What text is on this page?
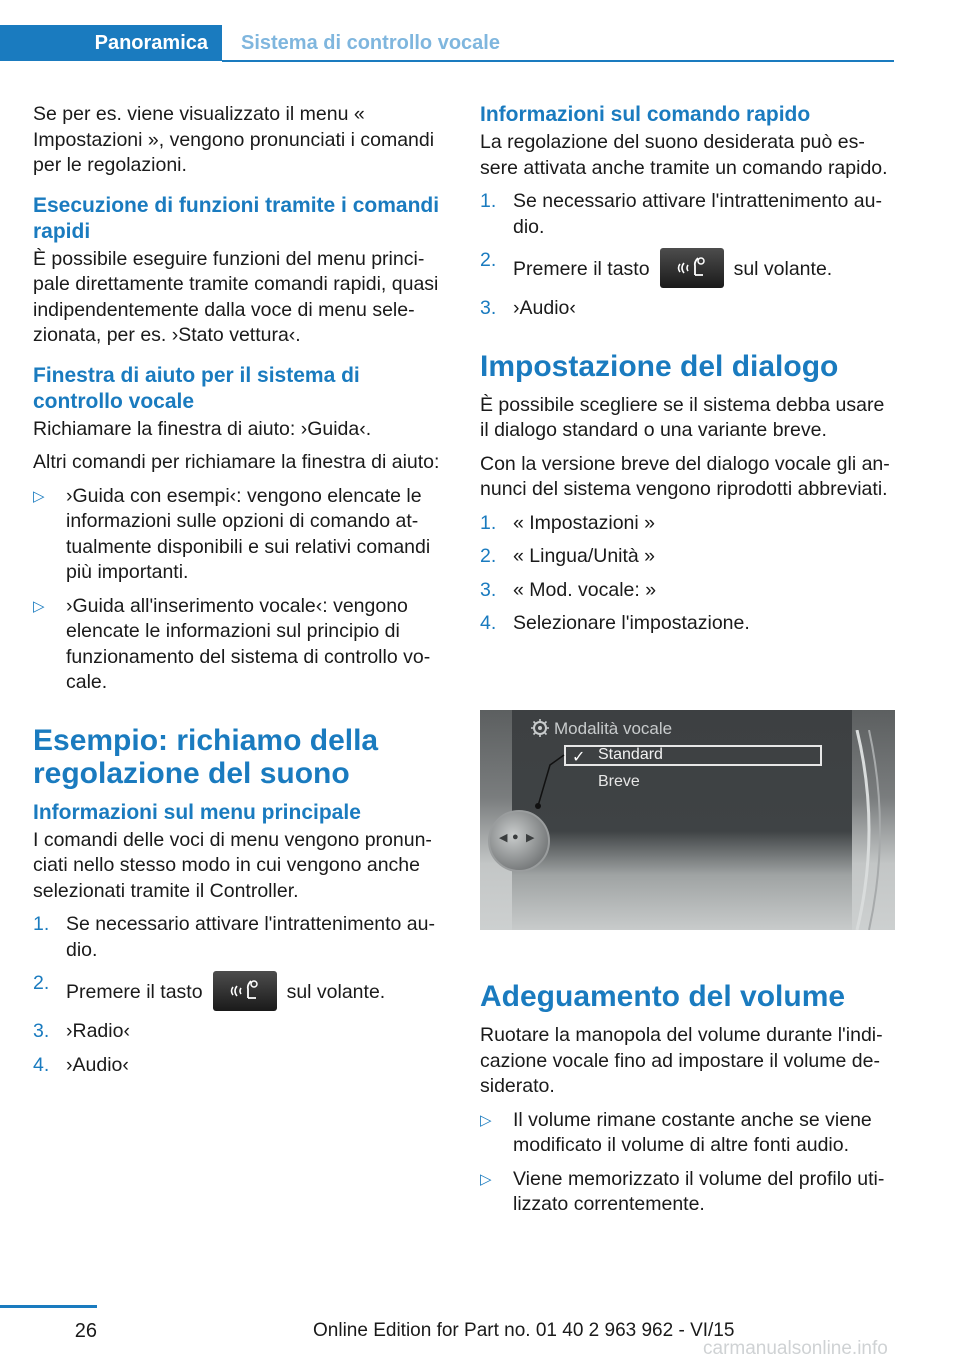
Panoramica	Sistema di controllo vocale

Se per es. viene visualizzato il menu « Impostazioni », vengono pronunciati i comandi per le regolazioni.

Esecuzione di funzioni tramite i comandi rapidi

È possibile eseguire funzioni del menu principale direttamente tramite comandi rapidi, quasi indipendentemente dalla voce di menu selezionata, per es. ›Stato vettura‹.

Finestra di aiuto per il sistema di controllo vocale

Richiamare la finestra di aiuto: ›Guida‹.

Altri comandi per richiamare la finestra di aiuto:

▷	›Guida con esempi‹: vengono elencate le informazioni sulle opzioni di comando attualmente disponibili e sui relativi comandi più importanti.
▷	›Guida all'inserimento vocale‹: vengono elencate le informazioni sul principio di funzionamento del sistema di controllo vocale.
Esempio: richiamo della regolazione del suono
Informazioni sul menu principale

I comandi delle voci di menu vengono pronunciati nello stesso modo in cui vengono anche selezionati tramite il Controller.

1. Se necessario attivare l'intrattenimento audio.
2. Premere il tasto	sul volante.
3. ›Radio‹
4. ›Audio‹
Informazioni sul comando rapido

La regolazione del suono desiderata può essere attivata anche tramite un comando rapido.

1. Se necessario attivare l'intrattenimento audio.
2. Premere il tasto	sul volante.
3. ›Audio‹
Impostazione del dialogo

È possibile scegliere se il sistema debba usare il dialogo standard o una variante breve.

Con la versione breve del dialogo vocale gli annunci del sistema vengono riprodotti abbreviati.

1. « Impostazioni »
2. « Lingua/Unità »
3. « Mod. vocale: »
4. Selezionare l'impostazione.
Modalità vocale
✓ Standard
Breve
◀ ● ▶
Adeguamento del volume

Ruotare la manopola del volume durante l'indicazione vocale fino ad impostare il volume desiderato.

▷	Il volume rimane costante anche se viene modificato il volume di altre fonti audio.
▷	Viene memorizzato il volume del profilo utilizzato correntemente.
26	Online Edition for Part no. 01 40 2 963 962 - VI/15
carmanualsonline.info
